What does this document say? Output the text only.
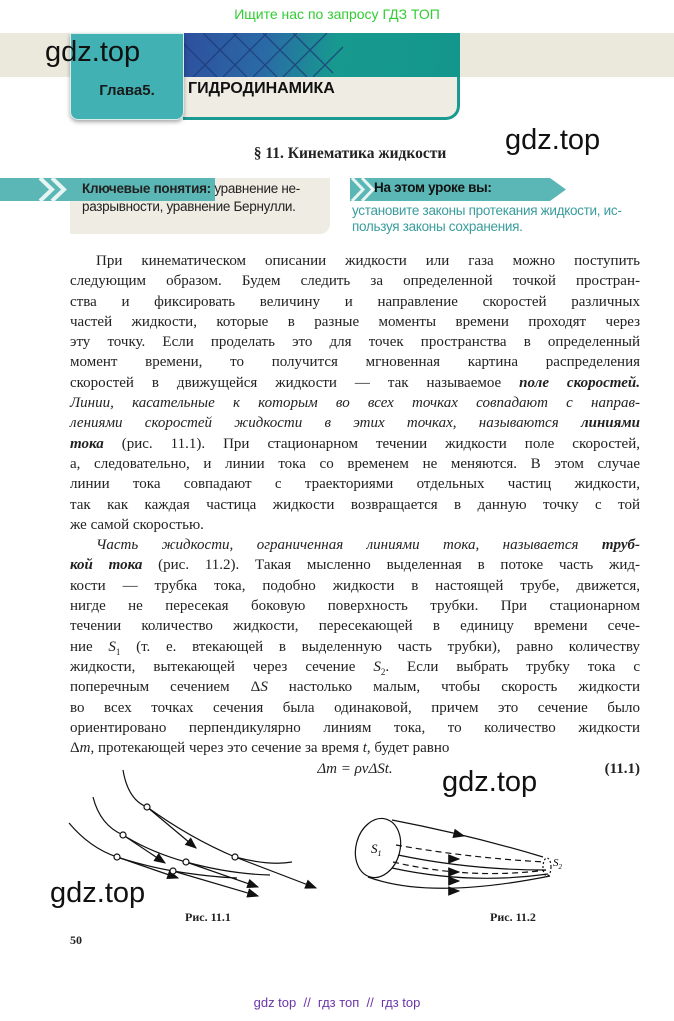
Ищите нас по запросу ГДЗ ТОП
ГИДРОДИНАМИКА
Глава5.
gdz.top
gdz.top
§ 11. Кинематика жидкости
Ключевые понятия: уравнение не-
разрывности, уравнение Бернулли.
На этом уроке вы:
установите законы протекания жидкости, ис-
пользуя законы сохранения.
При кинематическом описании жидкости или газа можно поступить
следующим образом. Будем следить за определенной точкой простран-
ства и фиксировать величину и направление скоростей различных
частей жидкости, которые в разные моменты времени проходят через
эту точку. Если проделать это для точек пространства в определенный
момент времени, то получится мгновенная картина распределения
скоростей в движущейся жидкости — так называемое поле скоростей.
Линии, касательные к которым во всех точках совпадают с направ-
лениями скоростей жидкости в этих точках, называются линиями
тока (рис. 11.1). При стационарном течении жидкости поле скоростей,
а, следовательно, и линии тока со временем не меняются. В этом случае
линии тока совпадают с траекториями отдельных частиц жидкости,
так как каждая частица жидкости возвращается в данную точку с той
же самой скоростью.
Часть жидкости, ограниченная линиями тока, называется труб-
кой тока (рис. 11.2). Такая мысленно выделенная в потоке часть жид-
кости — трубка тока, подобно жидкости в настоящей трубе, движется,
нигде не пересекая боковую поверхность трубки. При стационарном
течении количество жидкости, пересекающей в единицу времени сече-
ние $S_1$ (т. е. втекающей в выделенную часть трубки), равно количеству
жидкости, вытекающей через сечение $S_2$. Если выбрать трубку тока с
поперечным сечением ΔS настолько малым, чтобы скорость жидкости
во всех точках сечения была одинаковой, причем это сечение было
ориентировано перпендикулярно линиям тока, то количество жидкости
Δm, протекающей через это сечение за время t, будет равно
Δm = ρvΔSt.	(11.1)
$S_1$
$S_2$
gdz.top
gdz.top
Рис. 11.1	Рис. 11.2
50
gdz top  //  гдз топ  //  гдз top
